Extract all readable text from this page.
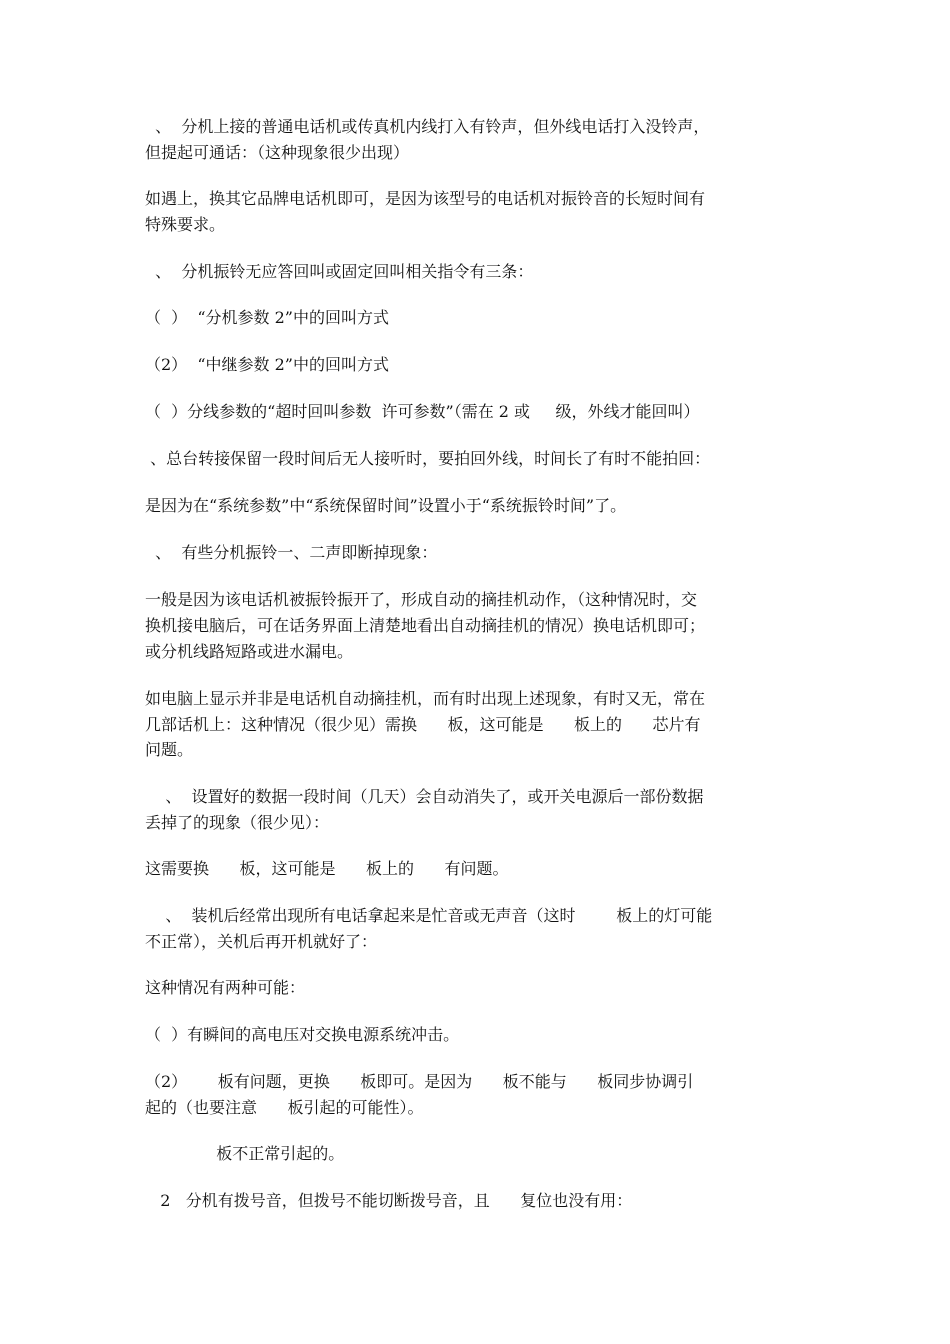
、  分机上接的普通电话机或传真机内线打入有铃声，但外线电话打入没铃声，
但提起可通话：（这种现象很少出现）
如遇上，换其它品牌电话机即可，是因为该型号的电话机对振铃音的长短时间有
特殊要求。
、  分机振铃无应答回叫或固定回叫相关指令有三条：
（  ）  “分机参数 2”中的回叫方式
（2）  “中继参数 2”中的回叫方式
（  ）分线参数的“超时回叫参数  许可参数”（需在 2 或     级，外线才能回叫）
、总台转接保留一段时间后无人接听时，要拍回外线，时间长了有时不能拍回：
是因为在“系统参数”中“系统保留时间”设置小于“系统振铃时间”了。
、  有些分机振铃一、二声即断掉现象：
一般是因为该电话机被振铃振开了，形成自动的摘挂机动作，（这种情况时，交
换机接电脑后，可在话务界面上清楚地看出自动摘挂机的情况）换电话机即可；
或分机线路短路或进水漏电。
如电脑上显示并非是电话机自动摘挂机，而有时出现上述现象，有时又无，常在
几部话机上：这种情况（很少见）需换      板，这可能是      板上的      芯片有
问题。
、  设置好的数据一段时间（几天）会自动消失了，或开关电源后一部份数据
丢掉了的现象（很少见）：
这需要换      板，这可能是      板上的      有问题。
、  装机后经常出现所有电话拿起来是忙音或无声音（这时        板上的灯可能
不正常），关机后再开机就好了：
这种情况有两种可能：
（  ）有瞬间的高电压对交换电源系统冲击。
（2）      板有问题，更换      板即可。是因为      板不能与      板同步协调引
起的（也要注意      板引起的可能性）。
板不正常引起的。
2   分机有拨号音，但拨号不能切断拨号音，且      复位也没有用：
